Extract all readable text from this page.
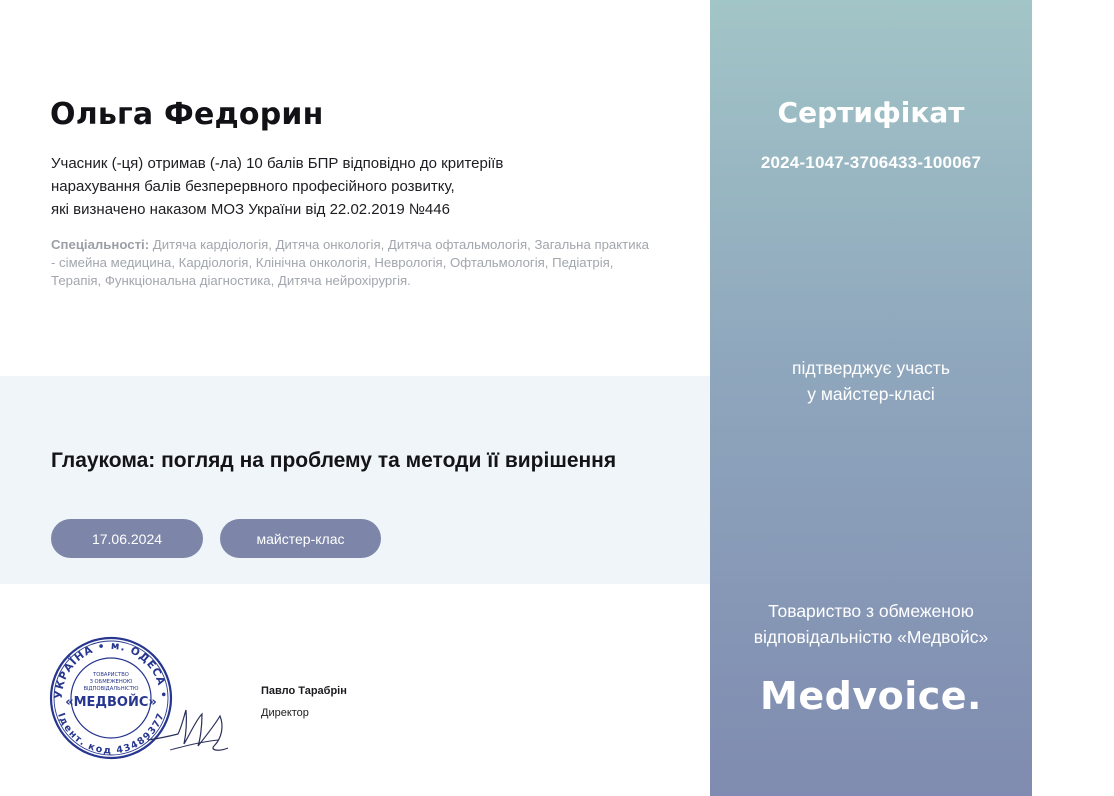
Ольга Федорин
Учасник (-ця) отримав (-ла) 10 балів БПР відповідно до критеріїв
нарахування балів безперервного професійного розвитку,
які визначено наказом МОЗ України від 22.02.2019 №446
Спеціальності: Дитяча кардіологія, Дитяча онкологія, Дитяча офтальмологія, Загальна практика - сімейна медицина, Кардіологія, Клінічна онкологія, Неврологія, Офтальмологія, Педіатрія, Терапія, Функціональна діагностика, Дитяча нейрохірургія.
Глаукома: погляд на проблему та методи її вирішення
17.06.2024	майстер-клас
УКРАЇНА • м. ОДЕСА •
Ідент. код 43489377
ТОВАРИСТВО
З ОБМЕЖЕНОЮ
ВІДПОВІДАЛЬНІСТЮ
«МЕДВОЙС»
Павло Тарабрін
Директор
Сертифікат
2024-1047-3706433-100067
підтверджує участь
у майстер-класі
Товариство з обмеженою
відповідальністю «Медвойс»
Medvoice.
